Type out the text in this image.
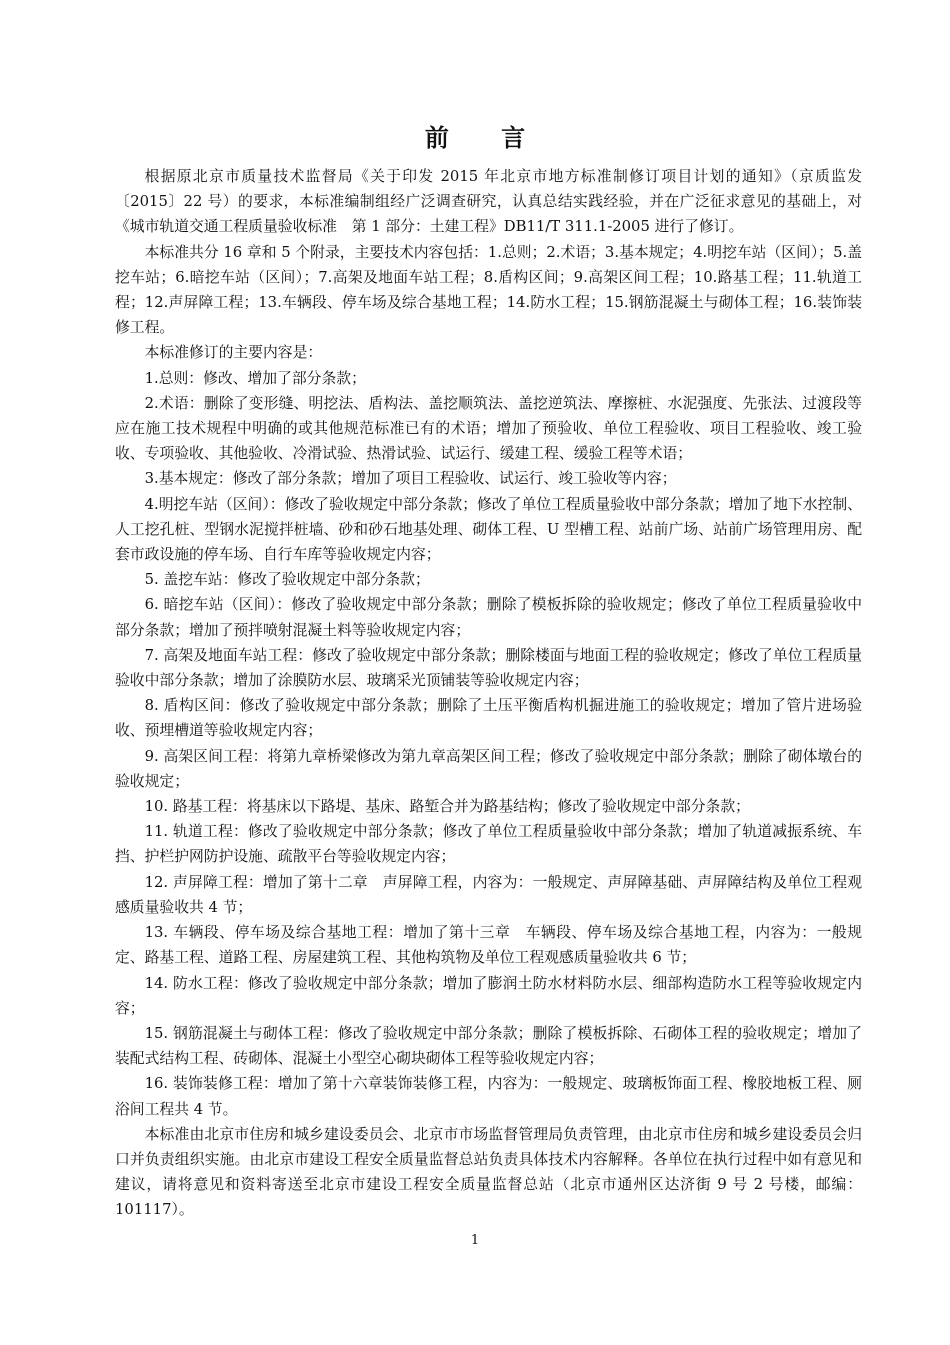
前 言

根据原北京市质量技术监督局《关于印发 2015 年北京市地方标准制修订项目计划的通知》（京质监发〔2015〕22 号）的要求，本标准编制组经广泛调查研究，认真总结实践经验，并在广泛征求意见的基础上，对《城市轨道交通工程质量验收标准　第 1 部分：土建工程》DB11/T 311.1-2005 进行了修订。

本标准共分 16 章和 5 个附录，主要技术内容包括：1.总则；2.术语；3.基本规定；4.明挖车站（区间）；5.盖挖车站；6.暗挖车站（区间）；7.高架及地面车站工程；8.盾构区间；9.高架区间工程；10.路基工程；11.轨道工程；12.声屏障工程；13.车辆段、停车场及综合基地工程；14.防水工程；15.钢筋混凝土与砌体工程；16.装饰装修工程。

本标准修订的主要内容是：

1.总则：修改、增加了部分条款；

2.术语：删除了变形缝、明挖法、盾构法、盖挖顺筑法、盖挖逆筑法、摩擦桩、水泥强度、先张法、过渡段等应在施工技术规程中明确的或其他规范标准已有的术语；增加了预验收、单位工程验收、项目工程验收、竣工验收、专项验收、其他验收、冷滑试验、热滑试验、试运行、缓建工程、缓验工程等术语；

3.基本规定：修改了部分条款；增加了项目工程验收、试运行、竣工验收等内容；

4.明挖车站（区间）：修改了验收规定中部分条款；修改了单位工程质量验收中部分条款；增加了地下水控制、人工挖孔桩、型钢水泥搅拌桩墙、砂和砂石地基处理、砌体工程、U 型槽工程、站前广场、站前广场管理用房、配套市政设施的停车场、自行车库等验收规定内容；

5. 盖挖车站：修改了验收规定中部分条款；

6. 暗挖车站（区间）：修改了验收规定中部分条款；删除了模板拆除的验收规定；修改了单位工程质量验收中部分条款；增加了预拌喷射混凝土料等验收规定内容；

7. 高架及地面车站工程：修改了验收规定中部分条款；删除楼面与地面工程的验收规定；修改了单位工程质量验收中部分条款；增加了涂膜防水层、玻璃采光顶铺装等验收规定内容；

8. 盾构区间：修改了验收规定中部分条款；删除了土压平衡盾构机掘进施工的验收规定；增加了管片进场验收、预埋槽道等验收规定内容；

9. 高架区间工程：将第九章桥梁修改为第九章高架区间工程；修改了验收规定中部分条款；删除了砌体墩台的验收规定；

10. 路基工程：将基床以下路堤、基床、路堑合并为路基结构；修改了验收规定中部分条款；

11. 轨道工程：修改了验收规定中部分条款；修改了单位工程质量验收中部分条款；增加了轨道减振系统、车挡、护栏护网防护设施、疏散平台等验收规定内容；

12. 声屏障工程：增加了第十二章　声屏障工程，内容为：一般规定、声屏障基础、声屏障结构及单位工程观感质量验收共 4 节；

13. 车辆段、停车场及综合基地工程：增加了第十三章　车辆段、停车场及综合基地工程，内容为：一般规定、路基工程、道路工程、房屋建筑工程、其他构筑物及单位工程观感质量验收共 6 节；

14. 防水工程：修改了验收规定中部分条款；增加了膨润土防水材料防水层、细部构造防水工程等验收规定内容；

15. 钢筋混凝土与砌体工程：修改了验收规定中部分条款；删除了模板拆除、石砌体工程的验收规定；增加了装配式结构工程、砖砌体、混凝土小型空心砌块砌体工程等验收规定内容；

16. 装饰装修工程：增加了第十六章装饰装修工程，内容为：一般规定、玻璃板饰面工程、橡胶地板工程、厕浴间工程共 4 节。

本标准由北京市住房和城乡建设委员会、北京市市场监督管理局负责管理，由北京市住房和城乡建设委员会归口并负责组织实施。由北京市建设工程安全质量监督总站负责具体技术内容解释。各单位在执行过程中如有意见和建议，请将意见和资料寄送至北京市建设工程安全质量监督总站（北京市通州区达济街 9 号 2 号楼，邮编：101117）。

1
